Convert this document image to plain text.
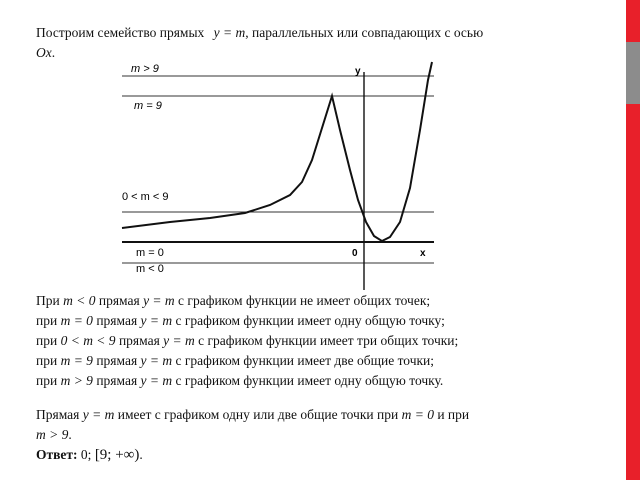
Построим семейство прямых y = m, параллельных или совпадающих с осью
Ox.
m > 9
m = 9
0 < m < 9
m = 0
m < 0
y
x
0
При m < 0 прямая y = m с графиком функции не имеет общих точек;
при m = 0 прямая y = m с графиком функции имеет одну общую точку;
при 0 < m < 9 прямая y = m с графиком функции имеет три общих точки;
при m = 9 прямая y = m с графиком функции имеет две общие точки;
при m > 9 прямая y = m с графиком функции имеет одну общую точку.
Прямая y = m имеет с графиком одну или две общие точки при m = 0 и при
m > 9.
Ответ: 0; [9; +∞).
